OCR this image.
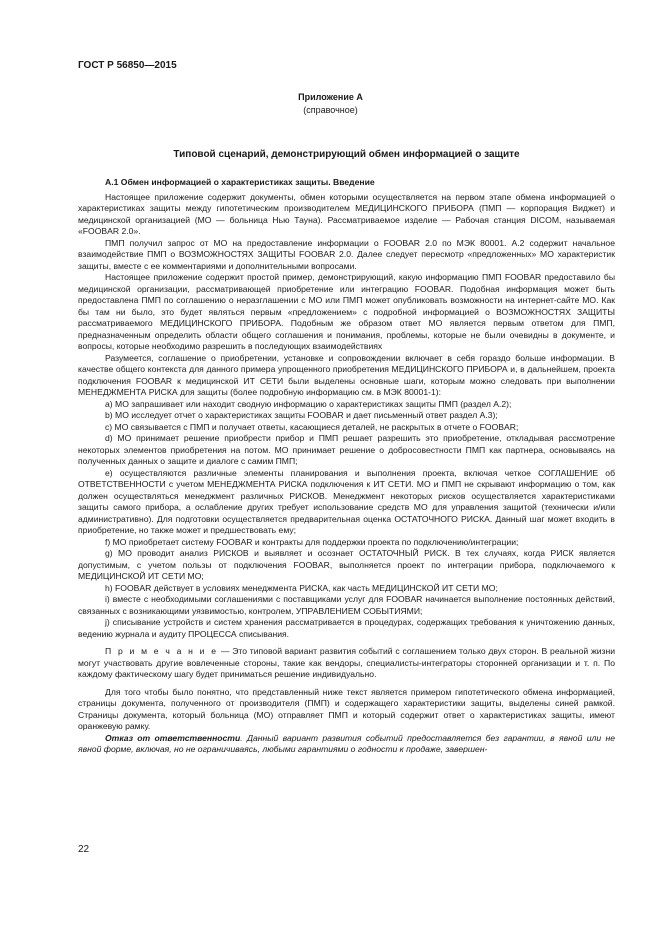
ГОСТ Р 56850—2015
Приложение А
(справочное)
Типовой сценарий, демонстрирующий обмен информацией о защите

А.1 Обмен информацией о характеристиках защиты. Введение

Настоящее приложение содержит документы, обмен которыми осуществляется на первом этапе обмена информацией о характеристиках защиты между гипотетическим производителем МЕДИЦИНСКОГО ПРИБОРА (ПМП — корпорация Виджет) и медицинской организацией (МО — больница Нью Тауна). Рассматриваемое изделие — Рабочая станция DICOM, называемая «FOOBAR 2.0».

ПМП получил запрос от МО на предоставление информации о FOOBAR 2.0 по МЭК 80001. А.2 содержит начальное взаимодействие ПМП о ВОЗМОЖНОСТЯХ ЗАЩИТЫ FOOBAR 2.0. Далее следует пересмотр «предложенных» МО характеристик защиты, вместе с ее комментариями и дополнительными вопросами.

Настоящее приложение содержит простой пример, демонстрирующий, какую информацию ПМП FOOBAR предоставило бы медицинской организации, рассматривающей приобретение или интеграцию FOOBAR. Подобная информация может быть предоставлена ПМП по соглашению о неразглашении с МО или ПМП может опубликовать возможности на интернет-сайте МО. Как бы там ни было, это будет являться первым «предложением» с подробной информацией о ВОЗМОЖНОСТЯХ ЗАЩИТЫ рассматриваемого МЕДИЦИНСКОГО ПРИБОРА. Подобным же образом ответ МО является первым ответом для ПМП, предназначенным определить области общего соглашения и понимания, проблемы, которые не были очевидны в документе, и вопросы, которые необходимо разрешить в последующих взаимодействиях

Разумеется, соглашение о приобретении, установке и сопровождении включает в себя гораздо больше информации. В качестве общего контекста для данного примера упрощенного приобретения МЕДИЦИНСКОГО ПРИБОРА и, в дальнейшем, проекта подключения FOOBAR к медицинской ИТ СЕТИ были выделены основные шаги, которым можно следовать при выполнении МЕНЕДЖМЕНТА РИСКА для защиты (более подробную информацию см. в МЭК 80001-1):

а) МО запрашивает или находит сводную информацию о характеристиках защиты ПМП (раздел А.2);

b) МО исследует отчет о характеристиках защиты FOOBAR и дает письменный ответ раздел А.3);

с) МО связывается с ПМП и получает ответы, касающиеся деталей, не раскрытых в отчете о FOOBAR;

d) МО принимает решение приобрести прибор и ПМП решает разрешить это приобретение, откладывая рассмотрение некоторых элементов приобретения на потом. МО принимает решение о добросовестности ПМП как партнера, основываясь на полученных данных о защите и диалоге с самим ПМП;

е) осуществляются различные элементы планирования и выполнения проекта, включая четкое СОГЛАШЕНИЕ об ОТВЕТСТВЕННОСТИ с учетом МЕНЕДЖМЕНТА РИСКА подключения к ИТ СЕТИ. МО и ПМП не скрывают информацию о том, как должен осуществляться менеджмент различных РИСКОВ. Менеджмент некоторых рисков осуществляется характеристиками защиты самого прибора, а ослабление других требует использование средств МО для управления защитой (технически и/или административно). Для подготовки осуществляется предварительная оценка ОСТАТОЧНОГО РИСКА. Данный шаг может входить в приобретение, но также может и предшествовать ему;

f) МО приобретает систему FOOBAR и контракты для поддержки проекта по подключению/интеграции;

g) МО проводит анализ РИСКОВ и выявляет и осознает ОСТАТОЧНЫЙ РИСК. В тех случаях, когда РИСК является допустимым, с учетом пользы от подключения FOOBAR, выполняется проект по интеграции прибора, подключаемого к МЕДИЦИНСКОЙ ИТ СЕТИ МО;

h) FOOBAR действует в условиях менеджмента РИСКА, как часть МЕДИЦИНСКОЙ ИТ СЕТИ МО;

i) вместе с необходимыми соглашениями с поставщиками услуг для FOOBAR начинается выполнение постоянных действий, связанных с возникающими уязвимостью, контролем, УПРАВЛЕНИЕМ СОБЫТИЯМИ;

j) списывание устройств и систем хранения рассматривается в процедурах, содержащих требования к уничтожению данных, ведению журнала и аудиту ПРОЦЕССА списывания.

П р и м е ч а н и е — Это типовой вариант развития событий с соглашением только двух сторон. В реальной жизни могут участвовать другие вовлеченные стороны, такие как вендоры, специалисты-интеграторы сторонней организации и т. п. По каждому фактическому шагу будет приниматься решение индивидуально.

Для того чтобы было понятно, что представленный ниже текст является примером гипотетического обмена информацией, страницы документа, полученного от производителя (ПМП) и содержащего характеристики защиты, выделены синей рамкой. Страницы документа, который больница (МО) отправляет ПМП и который содержит ответ о характеристиках защиты, имеют оранжевую рамку.

Отказ от ответственности. Данный вариант развития событий предоставляется без гарантии, в явной или не явной форме, включая, но не ограничиваясь, любыми гарантиями о годности к продаже, завершен-

22
